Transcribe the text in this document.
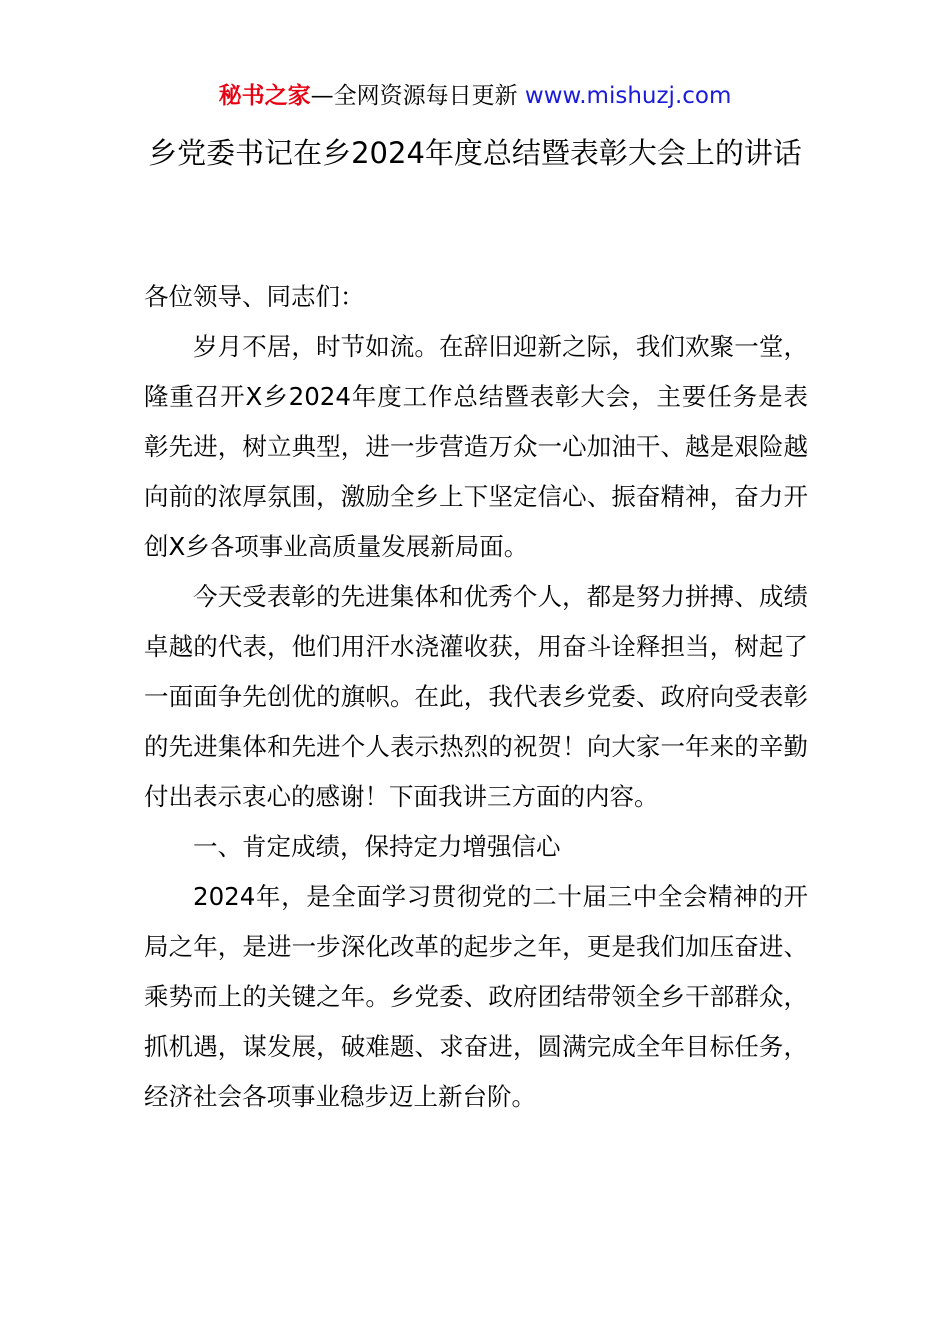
秘书之家—全网资源每日更新 www.mishuzj.com
乡党委书记在乡2024年度总结暨表彰大会上的讲话

各位领导、同志们：

岁月不居，时节如流。在辞旧迎新之际，我们欢聚一堂，隆重召开X乡2024年度工作总结暨表彰大会，主要任务是表彰先进，树立典型，进一步营造万众一心加油干、越是艰险越向前的浓厚氛围，激励全乡上下坚定信心、振奋精神，奋力开创X乡各项事业高质量发展新局面。

今天受表彰的先进集体和优秀个人，都是努力拼搏、成绩卓越的代表，他们用汗水浇灌收获，用奋斗诠释担当，树起了一面面争先创优的旗帜。在此，我代表乡党委、政府向受表彰的先进集体和先进个人表示热烈的祝贺！向大家一年来的辛勤付出表示衷心的感谢！下面我讲三方面的内容。

一、肯定成绩，保持定力增强信心

2024年，是全面学习贯彻党的二十届三中全会精神的开局之年，是进一步深化改革的起步之年，更是我们加压奋进、乘势而上的关键之年。乡党委、政府团结带领全乡干部群众，抓机遇，谋发展，破难题、求奋进，圆满完成全年目标任务，经济社会各项事业稳步迈上新台阶。
